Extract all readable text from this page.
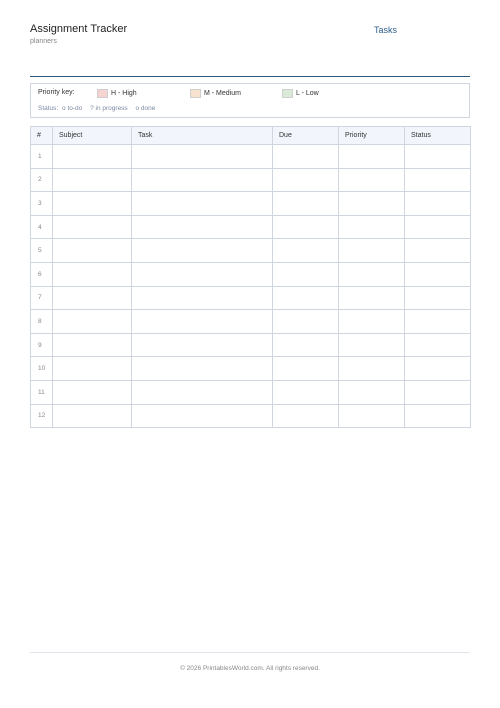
Assignment Tracker
planners
Tasks
Priority key:	H - High	M - Medium	L - Low
Status: o to-do ? in progress o done
#	Subject	Task	Due	Priority	Status
1					
2					
3					
4					
5					
6					
7					
8					
9					
10					
11					
12					
© 2026 PrintablesWorld.com. All rights reserved.
